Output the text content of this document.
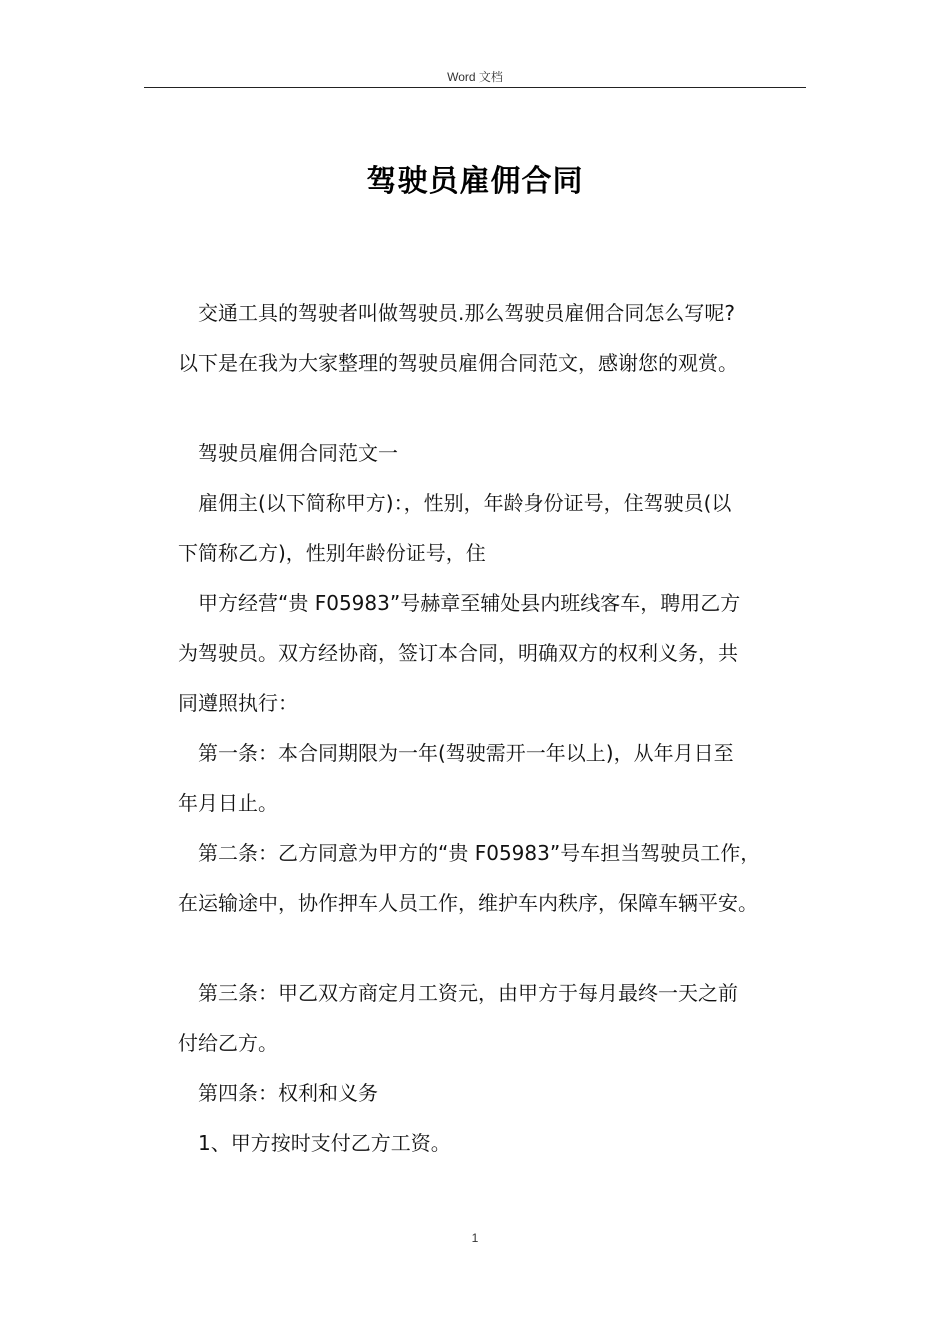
Word 文档
驾驶员雇佣合同

交通工具的驾驶者叫做驾驶员.那么驾驶员雇佣合同怎么写呢?

以下是在我为大家整理的驾驶员雇佣合同范文，感谢您的观赏。

驾驶员雇佣合同范文一

雇佣主(以下简称甲方)：，性别，年龄身份证号，住驾驶员(以

下简称乙方)，性别年龄份证号，住

甲方经营“贵 F05983”号赫章至辅处县内班线客车，聘用乙方

为驾驶员。双方经协商，签订本合同，明确双方的权利义务，共

同遵照执行：

第一条：本合同期限为一年(驾驶需开一年以上)，从年月日至

年月日止。

第二条：乙方同意为甲方的“贵 F05983”号车担当驾驶员工作，

在运输途中，协作押车人员工作，维护车内秩序，保障车辆平安。

第三条：甲乙双方商定月工资元，由甲方于每月最终一天之前

付给乙方。

第四条：权利和义务

1、甲方按时支付乙方工资。

1
